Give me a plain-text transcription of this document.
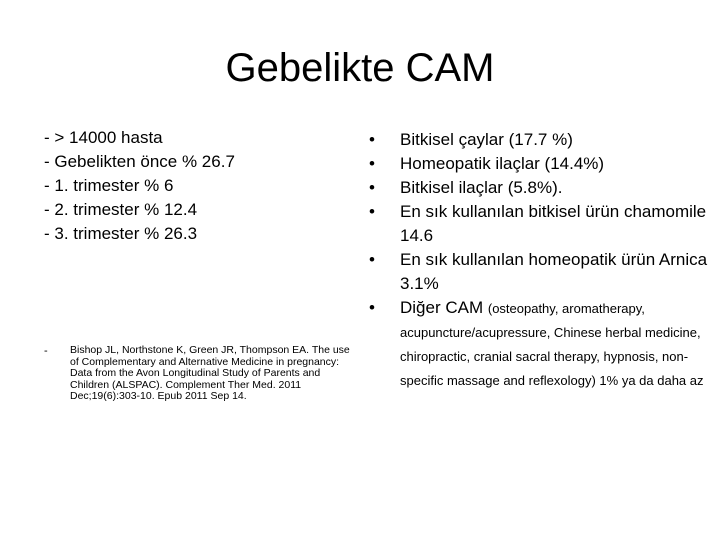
Gebelikte CAM
- > 14000 hasta
- Gebelikten önce % 26.7
- 1. trimester % 6
- 2. trimester % 12.4
- 3. trimester % 26.3
- Bishop JL, Northstone K, Green JR, Thompson EA. The use of Complementary and Alternative Medicine in pregnancy: Data from the Avon Longitudinal Study of Parents and Children (ALSPAC). Complement Ther Med. 2011 Dec;19(6):303-10. Epub 2011 Sep 14.
• Bitkisel çaylar (17.7 %)
• Homeopatik ilaçlar (14.4%)
• Bitkisel ilaçlar (5.8%).
• En sık kullanılan bitkisel ürün chamomile 14.6
• En sık kullanılan homeopatik ürün Arnica 3.1%
• Diğer CAM (osteopathy, aromatherapy, acupuncture/acupressure, Chinese herbal medicine, chiropractic, cranial sacral therapy, hypnosis, non-specific massage and reflexology) 1% ya da daha az
